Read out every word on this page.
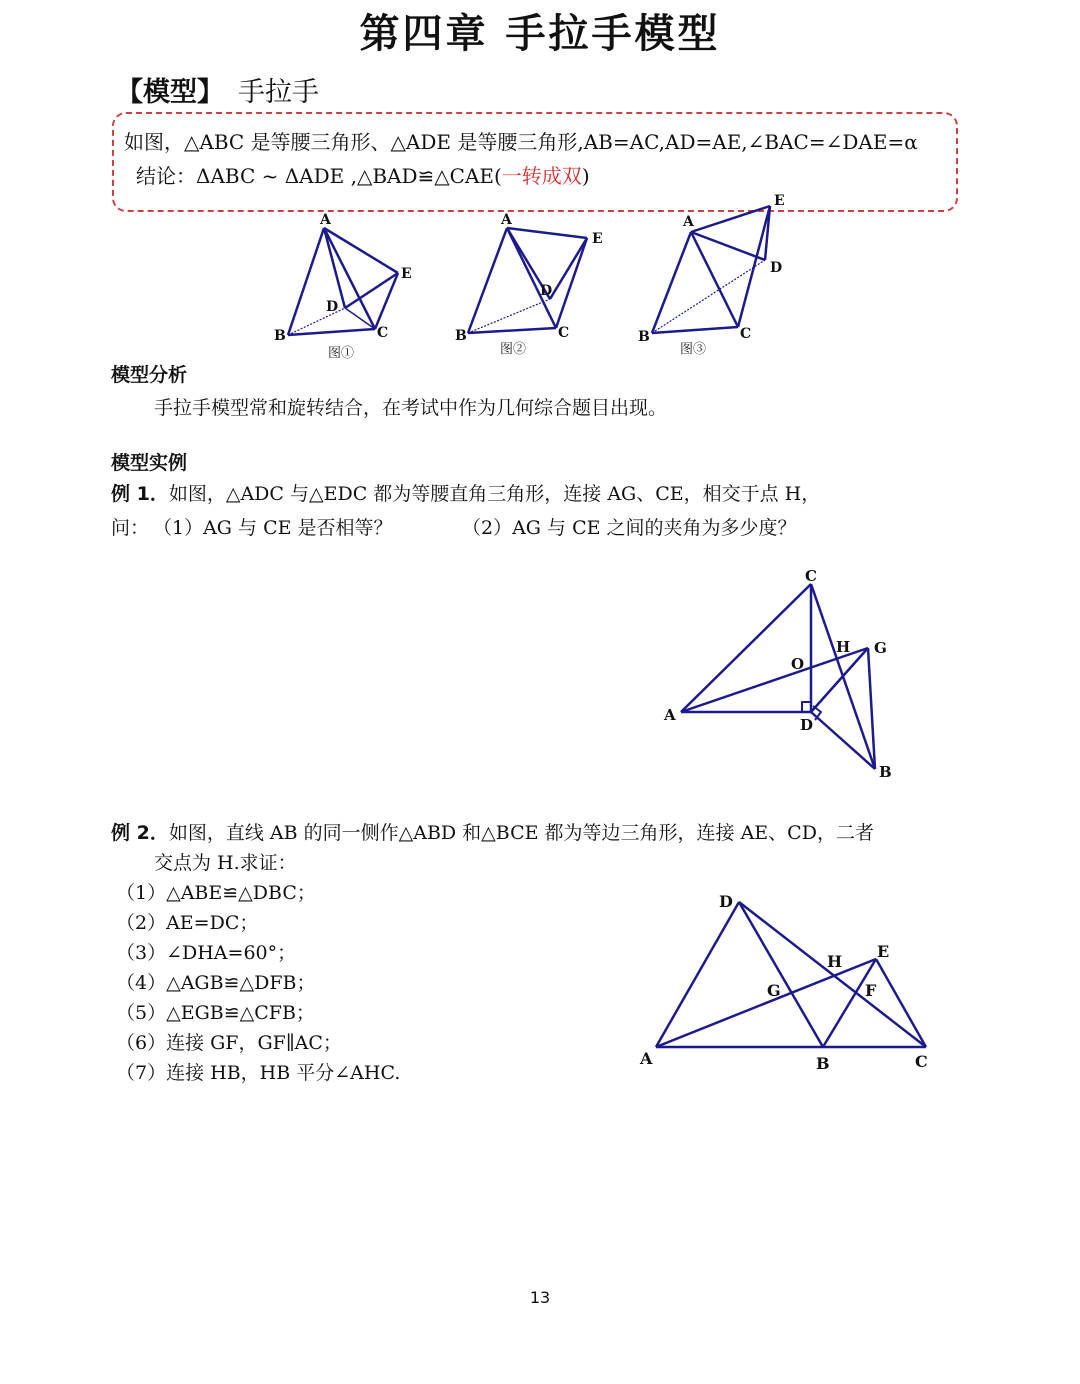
第四章 手拉手模型
【模型】 手拉手
如图，△ABC 是等腰三角形、△ADE 是等腰三角形,AB=AC,AD=AE,∠BAC=∠DAE=α
结论：ΔABC ~ ΔADE ,△BAD≌△CAE(一转成双)
A
B	C
D
E
图①
A
B	C
D
E
图②
A
B	C
D
E
图③
模型分析
手拉手模型常和旋转结合，在考试中作为几何综合题目出现。
模型实例
例 1．如图，△ADC 与△EDC 都为等腰直角三角形，连接 AG、CE，相交于点 H，
问： （1）AG 与 CE 是否相等？	（2）AG 与 CE 之间的夹角为多少度？
C
A
D
B
H G
O
例 2．如图，直线 AB 的同一侧作△ABD 和△BCE 都为等边三角形，连接 AE、CD，二者
交点为 H.求证：
（1）△ABE≌△DBC；
（2）AE=DC；
（3）∠DHA=60°；
（4）△AGB≌△DFB；
（5）△EGB≌△CFB；
（6）连接 GF，GF∥AC；
（7）连接 HB，HB 平分∠AHC.
A	B	C
D
E
F
G
H
13
